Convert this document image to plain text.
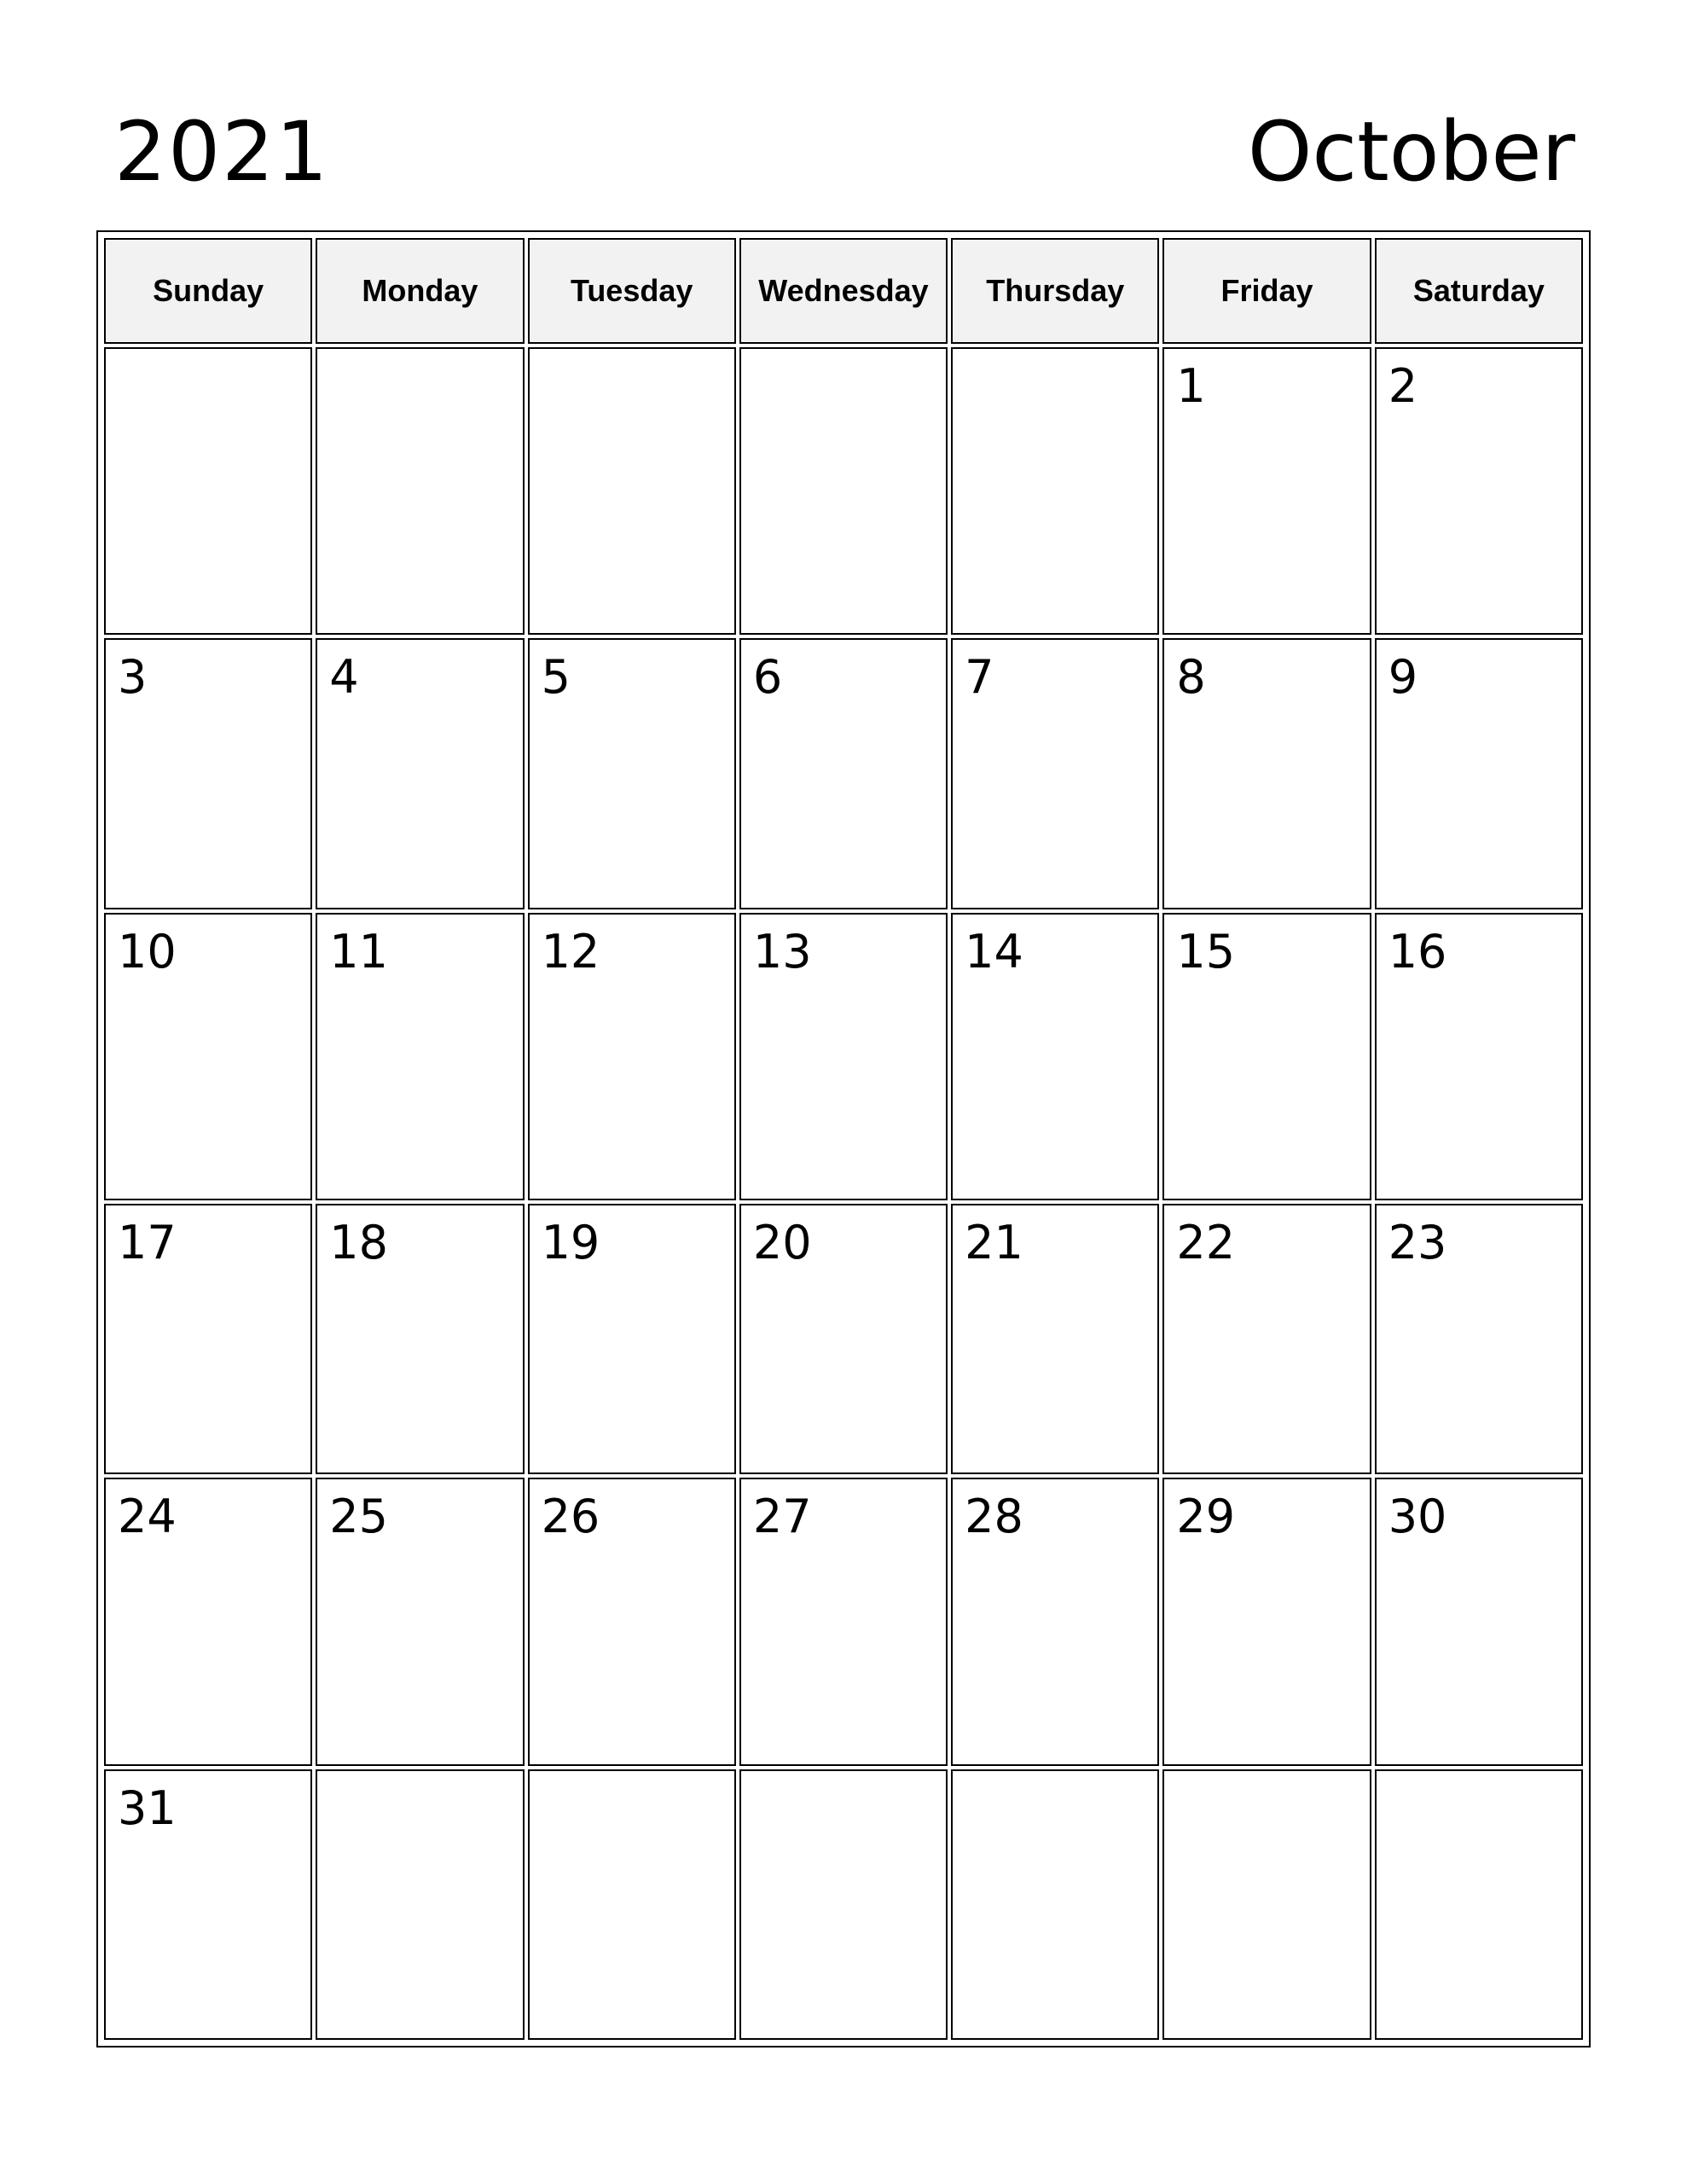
2021	October
Sunday	Monday	Tuesday	Wednesday	Thursday	Friday	Saturday

					1	2

3	4	5	6	7	8	9

10	11	12	13	14	15	16

17	18	19	20	21	22	23

24	25	26	27	28	29	30

31						
